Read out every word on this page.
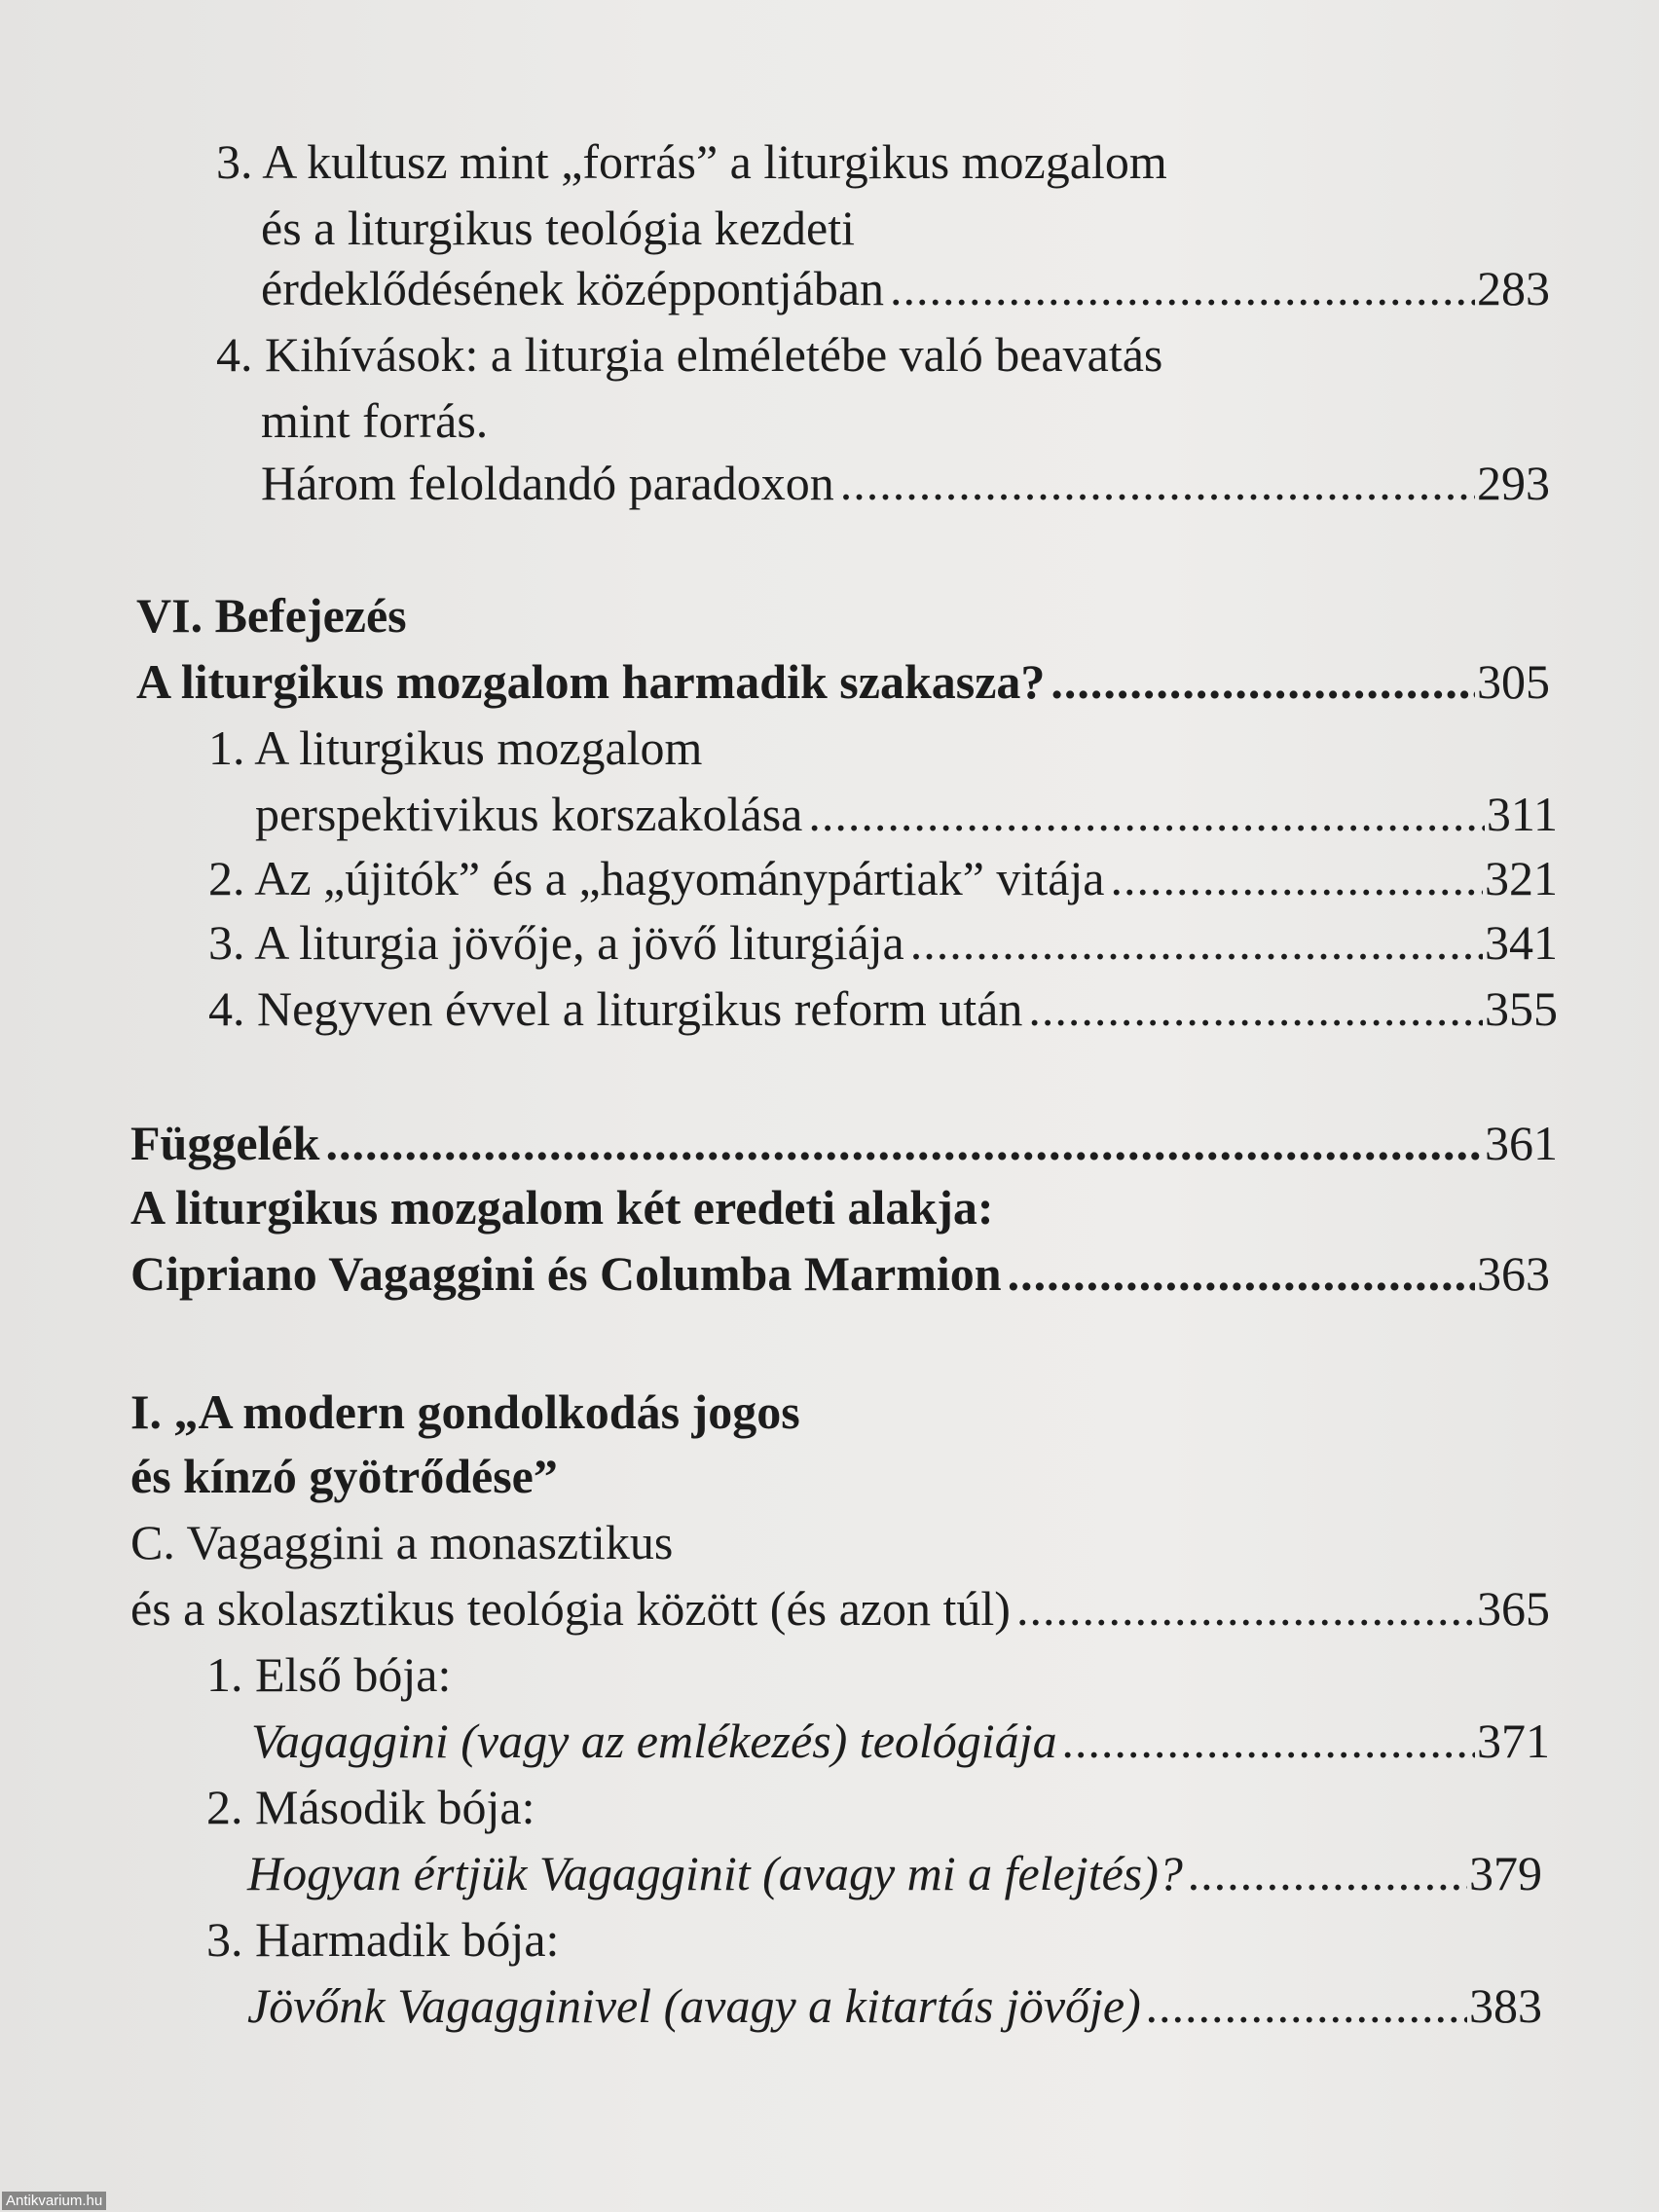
3. A kultusz mint „forrás” a liturgikus mozgalom
és a liturgikus teológia kezdeti
érdeklődésének középpontjában .....	283
4. Kihívások: a liturgia elméletébe való beavatás
mint forrás.
Három feloldandó paradoxon .....	293
VI. Befejezés
A liturgikus mozgalom harmadik szakasza? .....	305
1. A liturgikus mozgalom
perspektivikus korszakolása .....	311
2. Az „újitók” és a „hagyománypártiak” vitája .....	321
3. A liturgia jövője, a jövő liturgiája .....	341
4. Negyven évvel a liturgikus reform után .....	355
Függelék .....	361
A liturgikus mozgalom két eredeti alakja:
Cipriano Vagaggini és Columba Marmion .....	363
I. „A modern gondolkodás jogos
és kínzó gyötrődése”
C. Vagaggini a monasztikus
és a skolasztikus teológia között (és azon túl) .....	365
1. Első bója:
Vagaggini (vagy az emlékezés) teológiája .....	371
2. Második bója:
Hogyan értjük Vagagginit (avagy mi a felejtés)? .....	379
3. Harmadik bója:
Jövőnk Vagagginivel (avagy a kitartás jövője) .....	383
Antikvarium.hu
